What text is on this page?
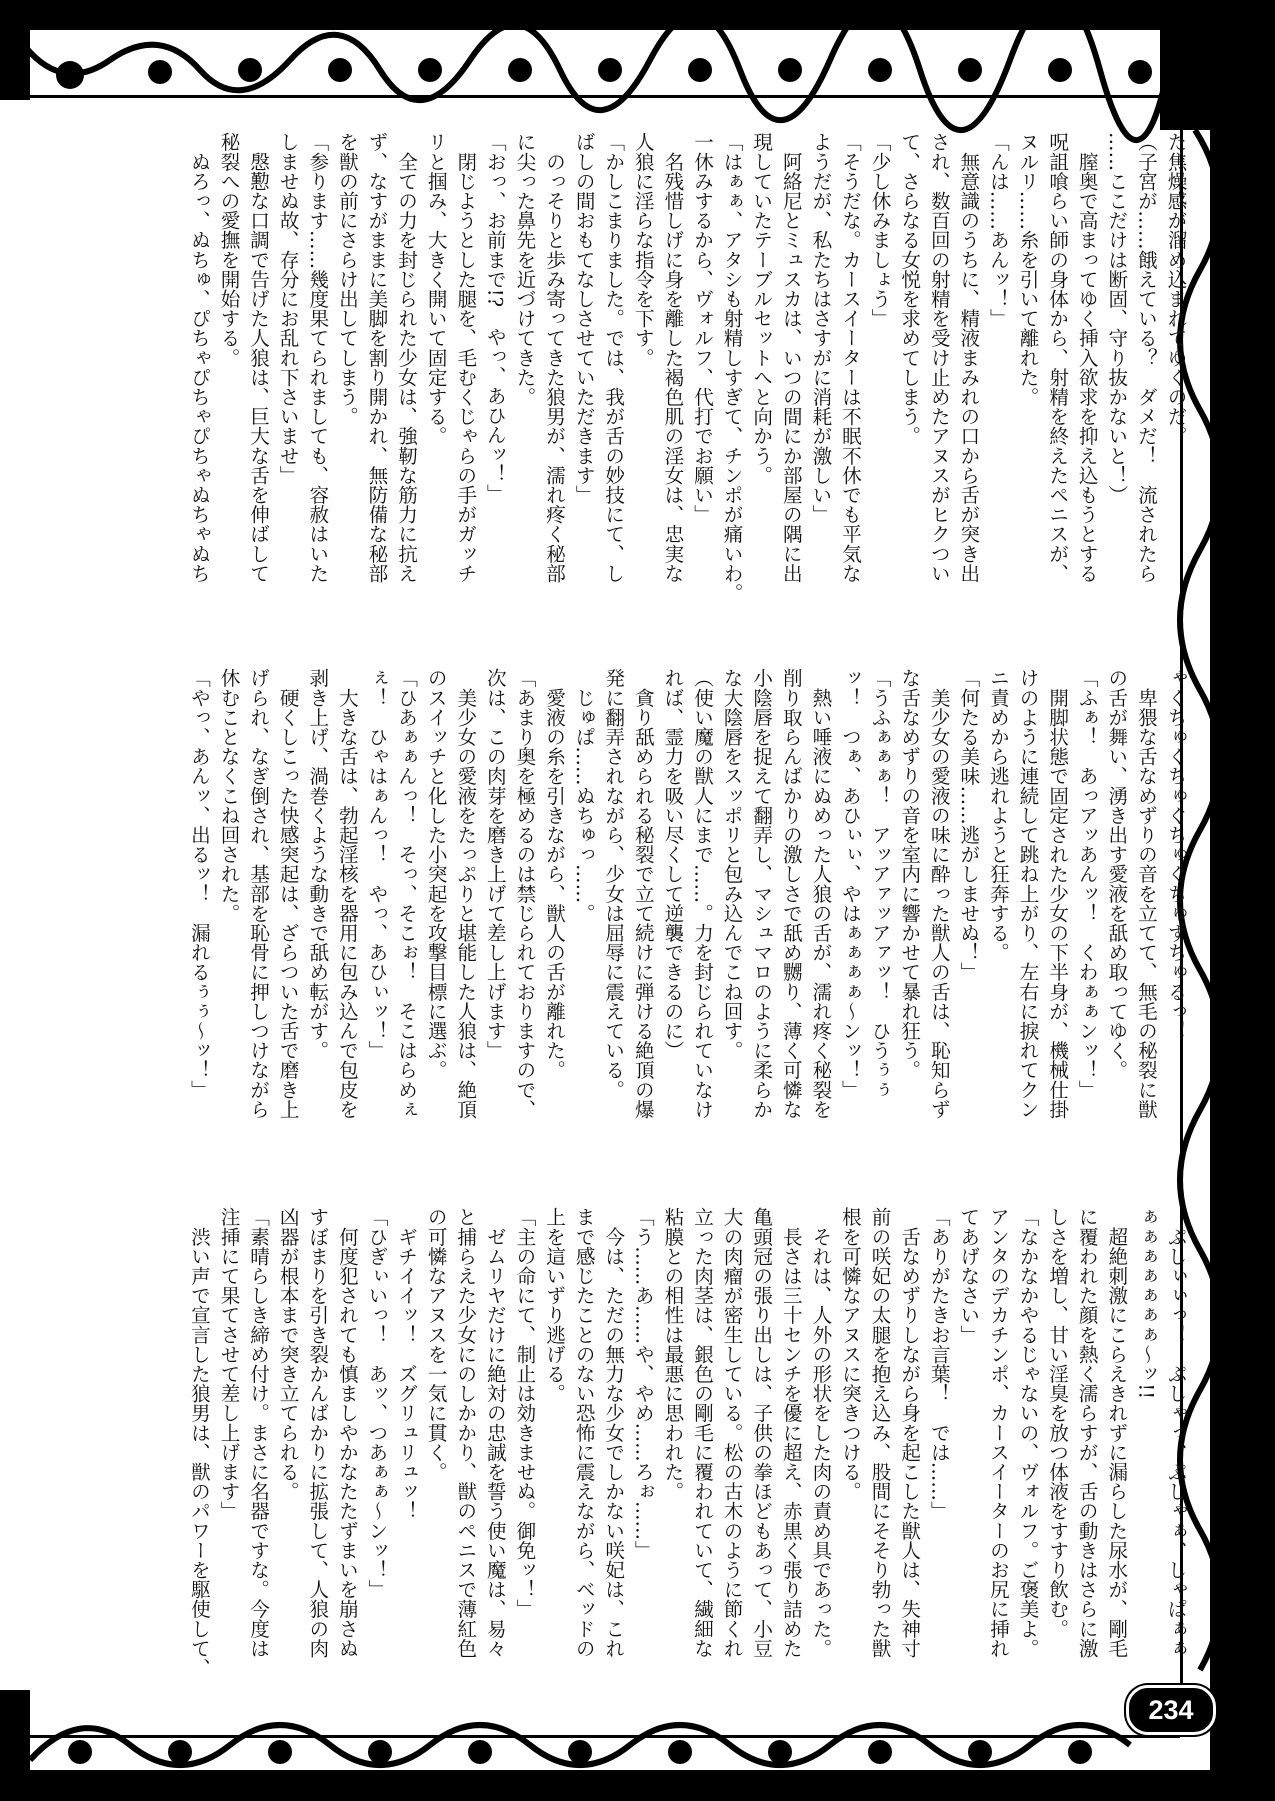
た焦燥感が溜め込まれてゆくのだ。

（子宮が……餓えている？　ダメだ！　流されたら

……ここだけは断固、守り抜かないと！）

　膣奥で高まってゆく挿入欲求を抑え込もうとする

呪詛喰らい師の身体から、射精を終えたペニスが、

ヌルリ……糸を引いて離れた。

「んは……あんッ！」

　無意識のうちに、精液まみれの口から舌が突き出

され、数百回の射精を受け止めたアヌスがヒクつい

て、さらなる女悦を求めてしまう。

「少し休みましょう」

「そうだな。カースイーターは不眠不休でも平気な

ようだが、私たちはさすがに消耗が激しい」

　阿絡尼とミュスカは、いつの間にか部屋の隅に出

現していたテーブルセットへと向かう。

「はぁぁ、アタシも射精しすぎて、チンポが痛いわ。

一休みするから、ヴォルフ、代打でお願い」

　名残惜しげに身を離した褐色肌の淫女は、忠実な

人狼に淫らな指令を下す。

「かしこまりました。では、我が舌の妙技にて、し

ばしの間おもてなしさせていただきます」

　のっそりと歩み寄ってきた狼男が、濡れ疼く秘部

に尖った鼻先を近づけてきた。

「おっ、お前まで!?　やっ、あひんッ！」

　閉じようとした腿を、毛むくじゃらの手がガッチ

リと掴み、大きく開いて固定する。

　全ての力を封じられた少女は、強靭な筋力に抗え

ず、なすがままに美脚を割り開かれ、無防備な秘部

を獣の前にさらけ出してしまう。

「参ります……幾度果てられましても、容赦はいた

しませぬ故、存分にお乱れ下さいませ」

　慇懃な口調で告げた人狼は、巨大な舌を伸ばして

秘裂への愛撫を開始する。

　ぬろっ、ぬちゅ、ぴちゃぴちゃぴちゃぬちゃぬち

ゃくちゅくちゅぐちゅぐちゅずちゅるっ！

　卑猥な舌なめずりの音を立てて、無毛の秘裂に獣

の舌が舞い、湧き出す愛液を舐め取ってゆく。

「ふぁ！　あっアッあんッ！　くわぁぁンッ！」

　開脚状態で固定された少女の下半身が、機械仕掛

けのように連続して跳ね上がり、左右に捩れてクン

ニ責めから逃れようと狂奔する。

「何たる美味……逃がしませぬ！」

　美少女の愛液の味に酔った獣人の舌は、恥知らず

な舌なめずりの音を室内に響かせて暴れ狂う。

「うふぁぁぁ！　アッアァッアァッ！　ひうぅぅ

ッ！　つぁ、あひぃぃ、やはぁぁぁぁ～ンッ！」

　熱い唾液にぬめった人狼の舌が、濡れ疼く秘裂を

削り取らんばかりの激しさで舐め嬲り、薄く可憐な

小陰唇を捉えて翻弄し、マシュマロのように柔らか

な大陰唇をスッポリと包み込んでこね回す。

（使い魔の獣人にまで……。力を封じられていなけ

れば、霊力を吸い尽くして逆襲できるのに）

　貪り舐められる秘裂で立て続けに弾ける絶頂の爆

発に翻弄されながら、少女は屈辱に震えている。

　じゅぱ……ぬちゅっ……。

　愛液の糸を引きながら、獣人の舌が離れた。

「あまり奥を極めるのは禁じられておりますので、

次は、この肉芽を磨き上げて差し上げます」

　美少女の愛液をたっぷりと堪能した人狼は、絶頂

のスイッチと化した小突起を攻撃目標に選ぶ。

「ひあぁぁんっ！　そっ、そこぉ！　そこはらめぇ

ぇ！　ひゃはぁんっ！　やっ、あひぃッ！」

　大きな舌は、勃起淫核を器用に包み込んで包皮を

剥き上げ、渦巻くような動きで舐め転がす。

　硬くしこった快感突起は、ざらついた舌で磨き上

げられ、なぎ倒され、基部を恥骨に押しつけながら

休むことなくこね回された。

「やっ、あんッ、出るッ！　漏れるぅぅ～ッ！」

　ぷしぃぃっ！　ぷしゃっ、ぷしゃぁ、しゃぱぁぁ

ぁぁぁぁぁぁぁ～ッ!!

　超絶刺激にこらえきれずに漏らした尿水が、剛毛

に覆われた顔を熱く濡らすが、舌の動きはさらに激

しさを増し、甘い淫臭を放つ体液をすすり飲む。

「なかなかやるじゃないの、ヴォルフ。ご褒美よ。

アンタのデカチンポ、カースイーターのお尻に挿れ

てあげなさい」

「ありがたきお言葉！　では……」

　舌なめずりしながら身を起こした獣人は、失神寸

前の咲妃の太腿を抱え込み、股間にそそり勃った獣

根を可憐なアヌスに突きつける。

　それは、人外の形状をした肉の責め具であった。

　長さは三十センチを優に超え、赤黒く張り詰めた

亀頭冠の張り出しは、子供の拳ほどもあって、小豆

大の肉瘤が密生している。松の古木のように節くれ

立った肉茎は、銀色の剛毛に覆われていて、繊細な

粘膜との相性は最悪に思われた。

「う……あ……や、やめ……ろぉ……」

　今は、ただの無力な少女でしかない咲妃は、これ

まで感じたことのない恐怖に震えながら、ベッドの

上を這いずり逃げる。

「主の命にて、制止は効きませぬ。御免ッ！」

　ゼムリヤだけに絶対の忠誠を誓う使い魔は、易々

と捕らえた少女にのしかかり、獣のペニスで薄紅色

の可憐なアヌスを一気に貫く。

　ギチイイッ！　ズグリュリュッ！

「ひぎぃいっ！　あッ、つあぁぁ～ンッ！」

　何度犯されても慎ましやかなたたずまいを崩さぬ

すぼまりを引き裂かんばかりに拡張して、人狼の肉

凶器が根本まで突き立てられる。

「素晴らしき締め付け。まさに名器ですな。今度は

注挿にて果てさせて差し上げます」

　渋い声で宣言した狼男は、獣のパワーを駆使して、

234
